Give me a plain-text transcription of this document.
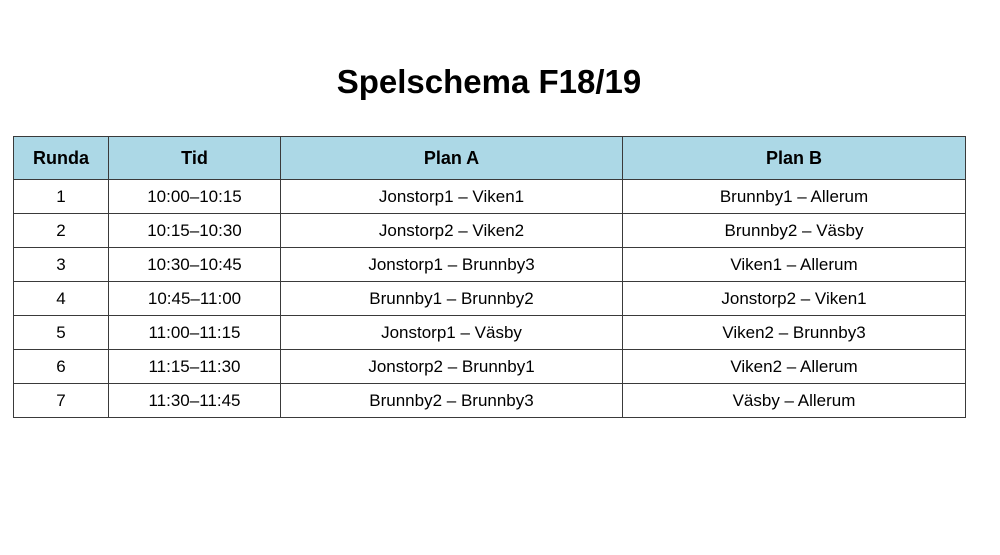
Spelschema F18/19
Runda	Tid	Plan A	Plan B
1	10:00–10:15	Jonstorp1 – Viken1	Brunnby1 – Allerum
2	10:15–10:30	Jonstorp2 – Viken2	Brunnby2 – Väsby
3	10:30–10:45	Jonstorp1 – Brunnby3	Viken1 – Allerum
4	10:45–11:00	Brunnby1 – Brunnby2	Jonstorp2 – Viken1
5	11:00–11:15	Jonstorp1 – Väsby	Viken2 – Brunnby3
6	11:15–11:30	Jonstorp2 – Brunnby1	Viken2 – Allerum
7	11:30–11:45	Brunnby2 – Brunnby3	Väsby – Allerum
